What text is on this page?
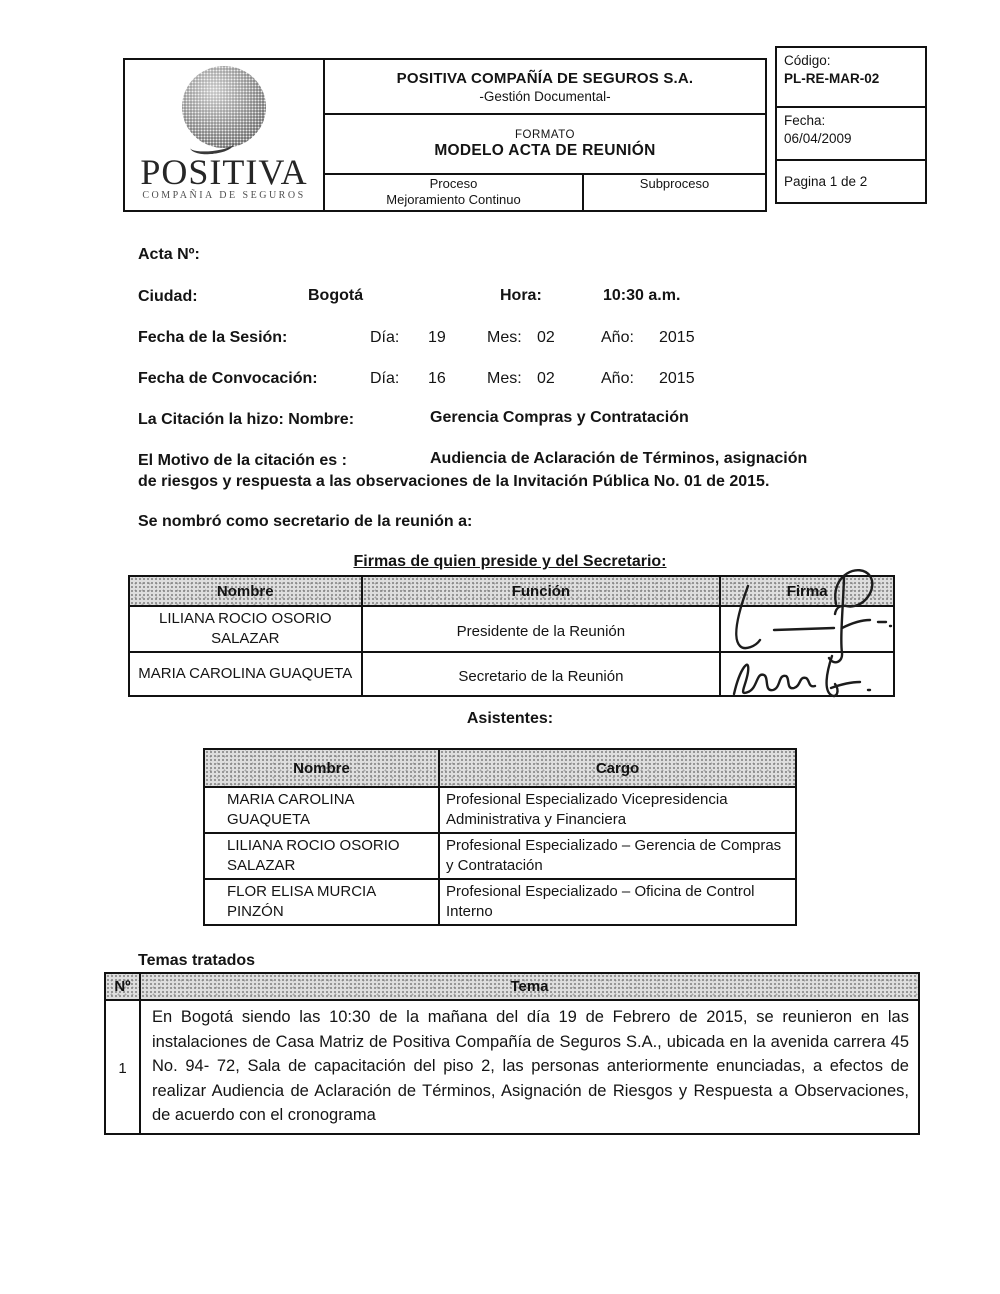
POSITIVA
COMPAÑIA DE SEGUROS
POSITIVA COMPAÑÍA DE SEGUROS S.A.
-Gestión Documental-
FORMATO
MODELO ACTA DE REUNIÓN
Proceso
Mejoramiento Continuo
Subproceso
Código:
PL-RE-MAR-02
Fecha:
06/04/2009
Pagina 1 de 2
Acta Nº:
Ciudad:	Bogotá	Hora:	10:30 a.m.
Fecha de la Sesión:	Día: 19	Mes: 02	Año: 2015
Fecha de Convocación:	Día: 16	Mes: 02	Año: 2015
La Citación la hizo: Nombre:	Gerencia Compras y Contratación
El Motivo de la citación es :	Audiencia de Aclaración de Términos, asignación
de riesgos y respuesta a las observaciones de la Invitación Pública No. 01 de 2015.
Se nombró como secretario de la reunión a:
Firmas de quien preside y del Secretario:
Nombre	Función	Firma
LILIANA ROCIO OSORIO SALAZAR	Presidente de la Reunión	
MARIA CAROLINA GUAQUETA	Secretario de la Reunión	
Asistentes:
Nombre	Cargo
MARIA CAROLINA GUAQUETA	Profesional Especializado Vicepresidencia Administrativa y Financiera
LILIANA ROCIO OSORIO SALAZAR	Profesional Especializado – Gerencia de Compras y Contratación
FLOR ELISA MURCIA PINZÓN	Profesional Especializado – Oficina de Control Interno
Temas tratados
Nº	Tema
1	En Bogotá siendo las 10:30 de la mañana del día 19 de Febrero de 2015, se reunieron en las instalaciones de Casa Matriz de Positiva Compañía de Seguros S.A., ubicada en la avenida carrera 45 No. 94- 72, Sala de capacitación del piso 2, las personas anteriormente enunciadas, a efectos de realizar Audiencia de Aclaración de Términos, Asignación de Riesgos y Respuesta a Observaciones, de acuerdo con el cronograma
